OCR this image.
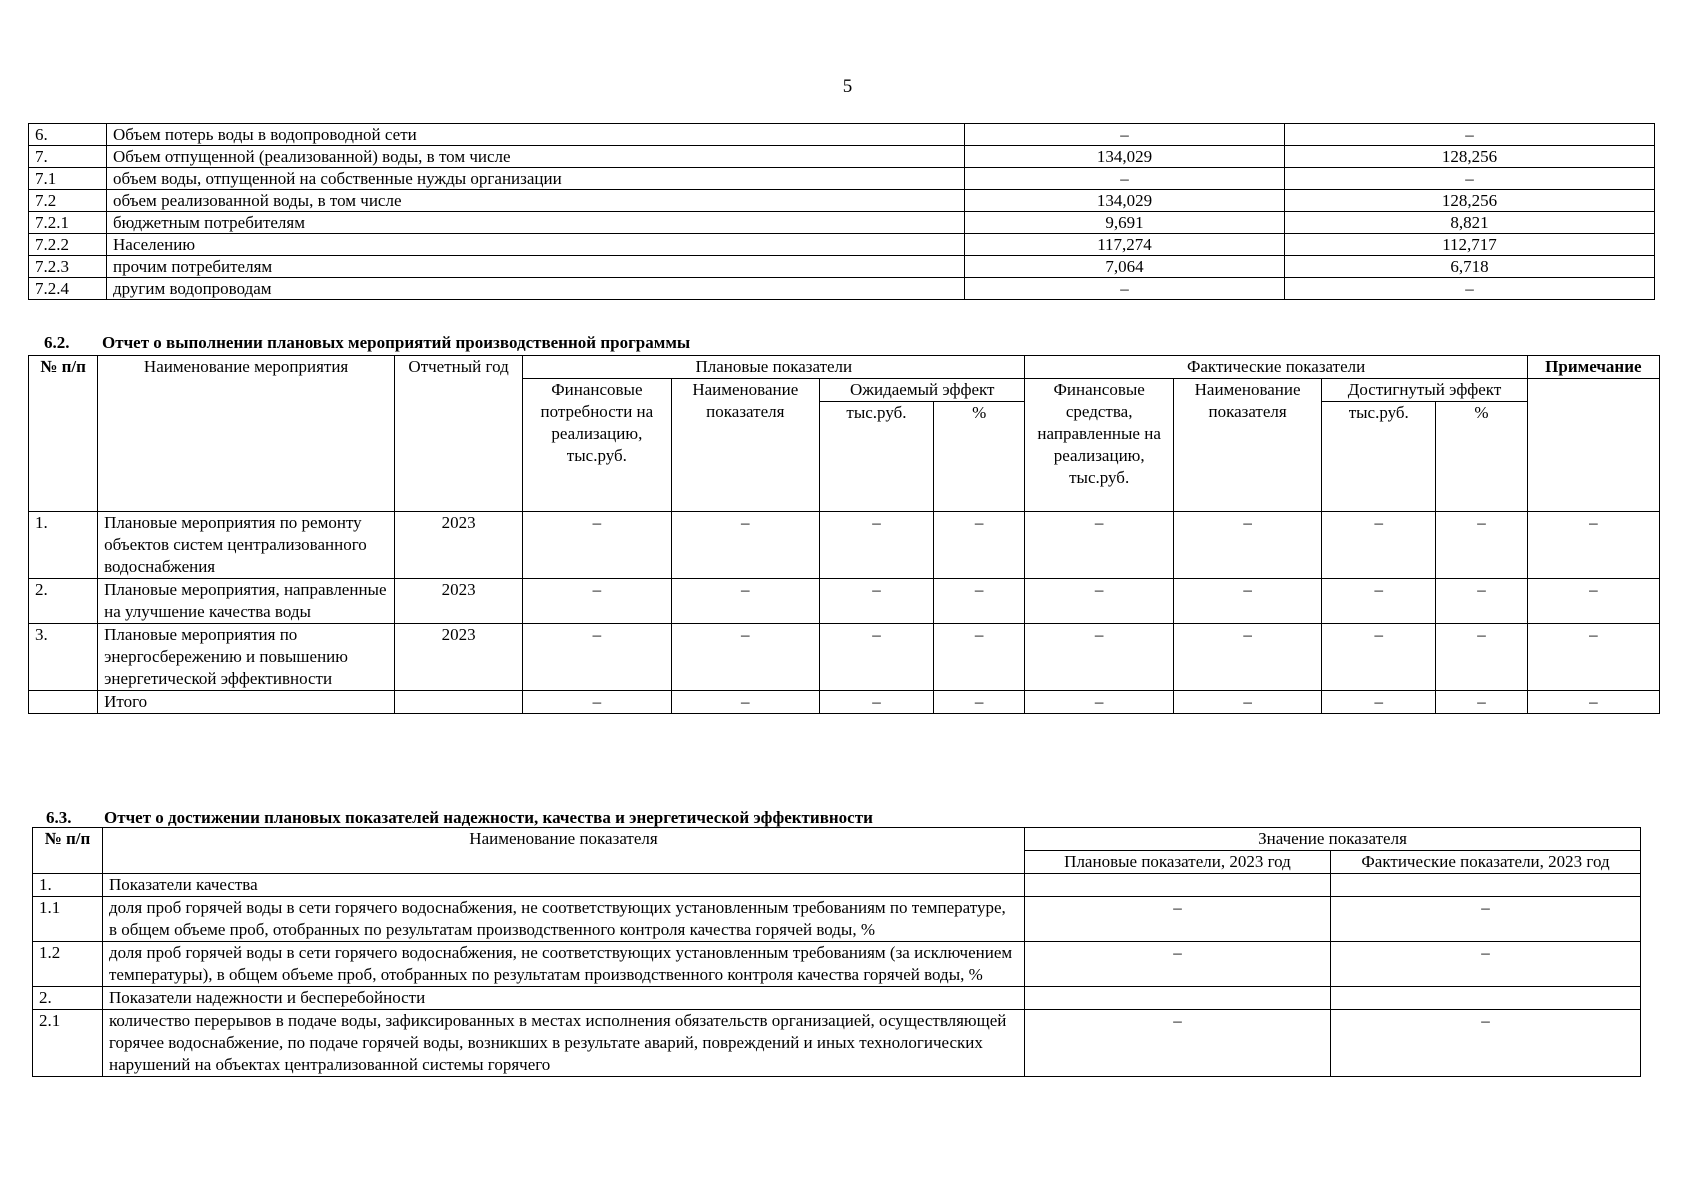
5
6.	Объем потерь воды в водопроводной сети	–	–
7.	Объем отпущенной (реализованной) воды, в том числе	134,029	128,256
7.1	объем воды, отпущенной на собственные нужды организации	–	–
7.2	объем реализованной воды, в том числе	134,029	128,256
7.2.1	бюджетным потребителям	9,691	8,821
7.2.2	Населению	117,274	112,717
7.2.3	прочим потребителям	7,064	6,718
7.2.4	другим водопроводам	–	–
6.2. Отчет о выполнении плановых мероприятий производственной программы
№ п/п	Наименование мероприятия	Отчетный год	Плановые показатели				Фактические показатели				Примечание
			Финансовые потребности на реализацию, тыс.руб.	Наименование показателя	Ожидаемый эффект		Финансовые средства, направленные на реализацию, тыс.руб.	Наименование показателя	Достигнутый эффект		
					тыс.руб.	%			тыс.руб.	%	
1.	Плановые мероприятия по ремонту объектов систем централизованного водоснабжения	2023	–	–	–	–	–	–	–	–	–
2.	Плановые мероприятия, направленные на улучшение качества воды	2023	–	–	–	–	–	–	–	–	–
3.	Плановые мероприятия по энергосбережению и повышению энергетической эффективности	2023	–	–	–	–	–	–	–	–	–
	Итого		–	–	–	–	–	–	–	–	–
6.3. Отчет о достижении плановых показателей надежности, качества и энергетической эффективности
№ п/п	Наименование показателя	Значение показателя	
		Плановые показатели, 2023 год	Фактические показатели, 2023 год
1.	Показатели качества		
1.1	доля проб горячей воды в сети горячего водоснабжения, не соответствующих установленным требованиям по температуре, в общем объеме проб, отобранных по результатам производственного контроля качества горячей воды, %	–	–
1.2	доля проб горячей воды в сети горячего водоснабжения, не соответствующих установленным требованиям (за исключением температуры), в общем объеме проб, отобранных по результатам производственного контроля качества горячей воды, %	–	–
2.	Показатели надежности и бесперебойности		
2.1	количество перерывов в подаче воды, зафиксированных в местах исполнения обязательств организацией, осуществляющей горячее водоснабжение, по подаче горячей воды, возникших в результате аварий, повреждений и иных технологических нарушений на объектах централизованной системы горячего	–	–
